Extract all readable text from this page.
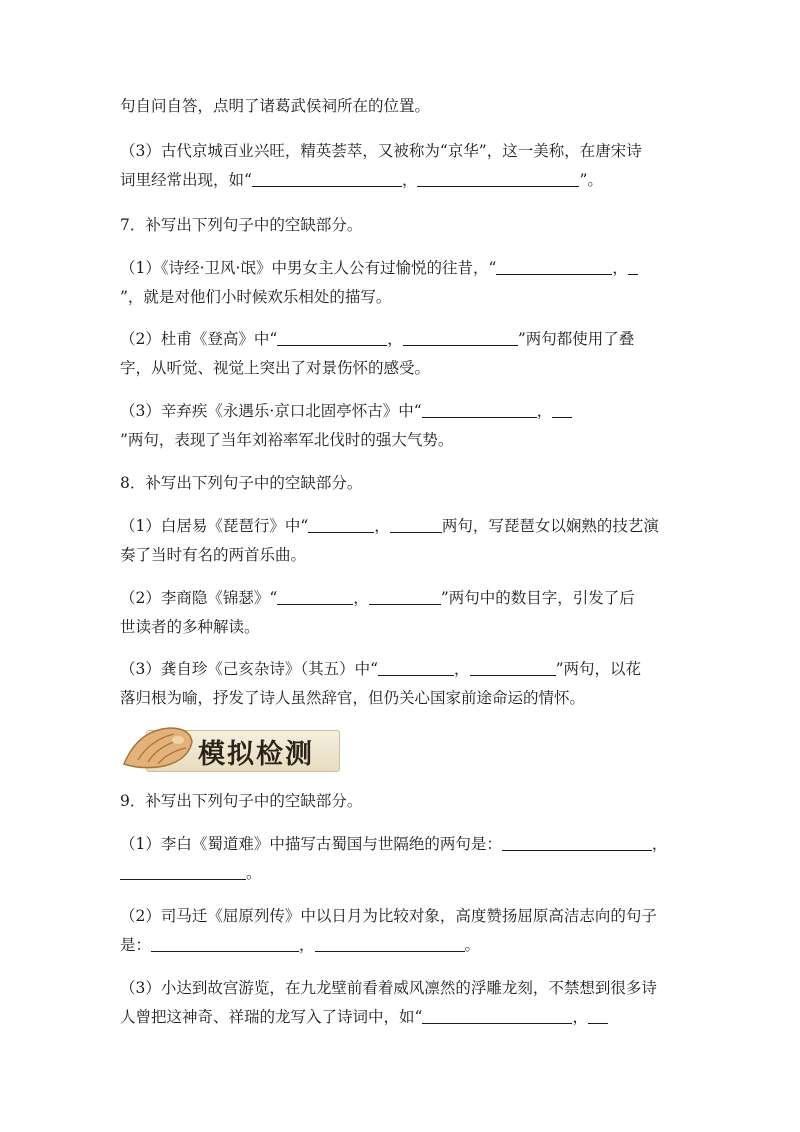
句自问自答，点明了诸葛武侯祠所在的位置。
（3）古代京城百业兴旺，精英荟萃，又被称为“京华”，这一美称，在唐宋诗
词里经常出现，如“	，	”。
7．补写出下列句子中的空缺部分。
（1）《诗经·卫风·氓》中男女主人公有过愉悦的往昔，“	，
”，就是对他们小时候欢乐相处的描写。
（2）杜甫《登高》中“	，	”两句都使用了叠
字，从听觉、视觉上突出了对景伤怀的感受。
（3）辛弃疾《永遇乐·京口北固亭怀古》中“	，
”两句，表现了当年刘裕率军北伐时的强大气势。
8．补写出下列句子中的空缺部分。
（1）白居易《琵琶行》中“	，	两句，写琵琶女以娴熟的技艺演
奏了当时有名的两首乐曲。
（2）李商隐《锦瑟》“	，	”两句中的数目字，引发了后
世读者的多种解读。
（3）龚自珍《己亥杂诗》（其五）中“	，	”两句，以花
落归根为喻，抒发了诗人虽然辞官，但仍关心国家前途命运的情怀。
模拟检测
9．补写出下列句子中的空缺部分。
（1）李白《蜀道难》中描写古蜀国与世隔绝的两句是：	，
。
（2）司马迁《屈原列传》中以日月为比较对象，高度赞扬屈原高洁志向的句子
是：	，	。
（3）小达到故宫游览，在九龙壁前看着威风凛然的浮雕龙刻，不禁想到很多诗
人曾把这神奇、祥瑞的龙写入了诗词中，如“	，
